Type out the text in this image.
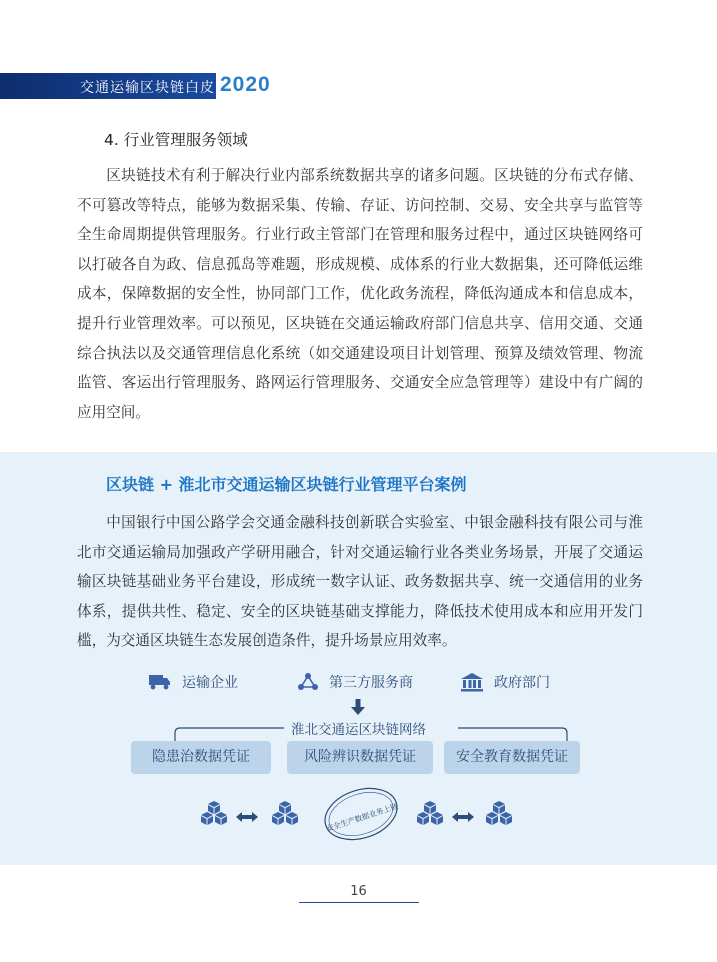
交通运输区块链白皮书
2020
4. 行业管理服务领域
区块链技术有利于解决行业内部系统数据共享的诸多问题。区块链的分布式存储、不可篡改等特点，能够为数据采集、传输、存证、访问控制、交易、安全共享与监管等全生命周期提供管理服务。行业行政主管部门在管理和服务过程中，通过区块链网络可以打破各自为政、信息孤岛等难题，形成规模、成体系的行业大数据集，还可降低运维成本，保障数据的安全性，协同部门工作，优化政务流程，降低沟通成本和信息成本，提升行业管理效率。可以预见，区块链在交通运输政府部门信息共享、信用交通、交通综合执法以及交通管理信息化系统（如交通建设项目计划管理、预算及绩效管理、物流监管、客运出行管理服务、路网运行管理服务、交通安全应急管理等）建设中有广阔的应用空间。
区块链 + 淮北市交通运输区块链行业管理平台案例
中国银行中国公路学会交通金融科技创新联合实验室、中银金融科技有限公司与淮北市交通运输局加强政产学研用融合，针对交通运输行业各类业务场景，开展了交通运输区块链基础业务平台建设，形成统一数字认证、政务数据共享、统一交通信用的业务体系，提供共性、稳定、安全的区块链基础支撑能力，降低技术使用成本和应用开发门槛，为交通区块链生态发展创造条件，提升场景应用效率。
运输企业	第三方服务商	政府部门
淮北交通运区块链网络
隐患治数据凭证	风险辨识数据凭证	安全教育数据凭证
安全生产数据业务上链
16
